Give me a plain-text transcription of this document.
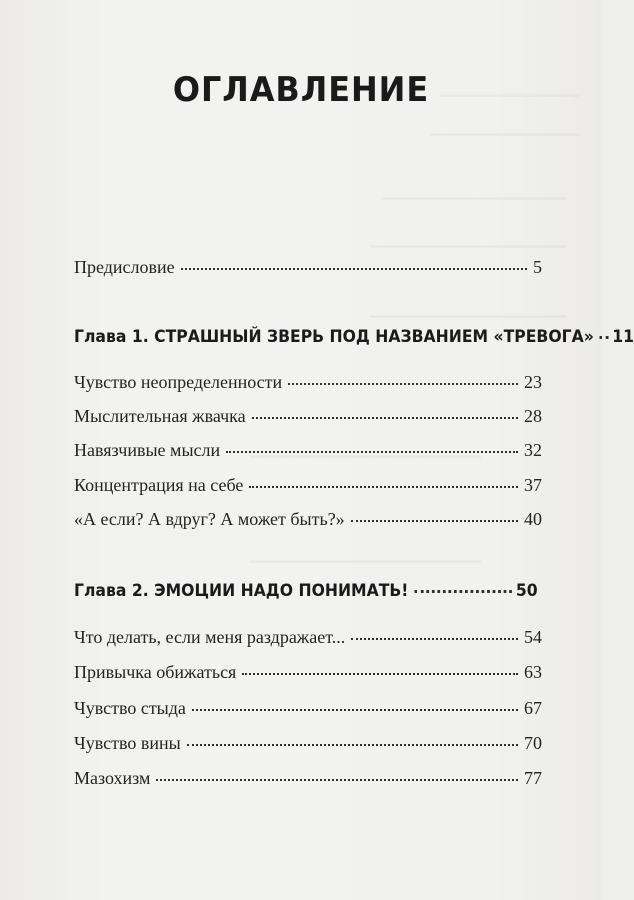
ОГЛАВЛЕНИЕ
Предисловие	5
Глава 1. СТРАШНЫЙ ЗВЕРЬ ПОД НАЗВАНИЕМ «ТРЕВОГА»	11
Чувство неопределенности	23
Мыслительная жвачка	28
Навязчивые мысли	32
Концентрация на себе	37
«А если? А вдруг? А может быть?»	40
Глава 2. ЭМОЦИИ НАДО ПОНИМАТЬ!	50
Что делать, если меня раздражает...	54
Привычка обижаться	63
Чувство стыда	67
Чувство вины	70
Мазохизм	77
